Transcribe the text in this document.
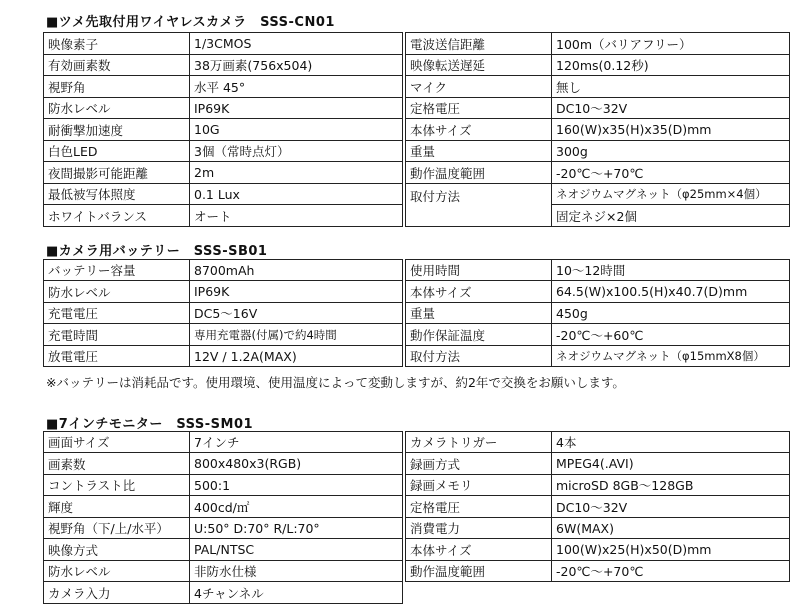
■ツメ先取付用ワイヤレスカメラ　SSS-CN01
映像素子	1/3CMOS
有効画素数	38万画素(756x504)
視野角	水平 45°
防水レベル	IP69K
耐衝撃加速度	10G
白色LED	3個（常時点灯）
夜間撮影可能距離	2m
最低被写体照度	0.1 Lux
ホワイトバランス	オート
電波送信距離	100m（バリアフリー）
映像転送遅延	120ms(0.12秒)
マイク	無し
定格電圧	DC10～32V
本体サイズ	160(W)x35(H)x35(D)mm
重量	300g
動作温度範囲	-20℃～+70℃
取付方法	ネオジウムマグネット（φ25mm×4個）
	固定ネジ×2個
■カメラ用バッテリー　SSS-SB01
バッテリー容量	8700mAh
防水レベル	IP69K
充電電圧	DC5～16V
充電時間	専用充電器(付属)で約4時間
放電電圧	12V / 1.2A(MAX)
使用時間	10～12時間
本体サイズ	64.5(W)x100.5(H)x40.7(D)mm
重量	450g
動作保証温度	-20℃～+60℃
取付方法	ネオジウムマグネット（φ15mmX8個）
※バッテリーは消耗品です。使用環境、使用温度によって変動しますが、約2年で交換をお願いします。
■7インチモニター　SSS-SM01
画面サイズ	7インチ
画素数	800x480x3(RGB)
コントラスト比	500:1
輝度	400cd/㎡
視野角（下/上/水平）	U:50° D:70° R/L:70°
映像方式	PAL/NTSC
防水レベル	非防水仕様
カメラ入力	4チャンネル
カメラトリガー	4本
録画方式	MPEG4(.AVI)
録画メモリ	microSD 8GB～128GB
定格電圧	DC10～32V
消費電力	6W(MAX)
本体サイズ	100(W)x25(H)x50(D)mm
動作温度範囲	-20℃～+70℃
